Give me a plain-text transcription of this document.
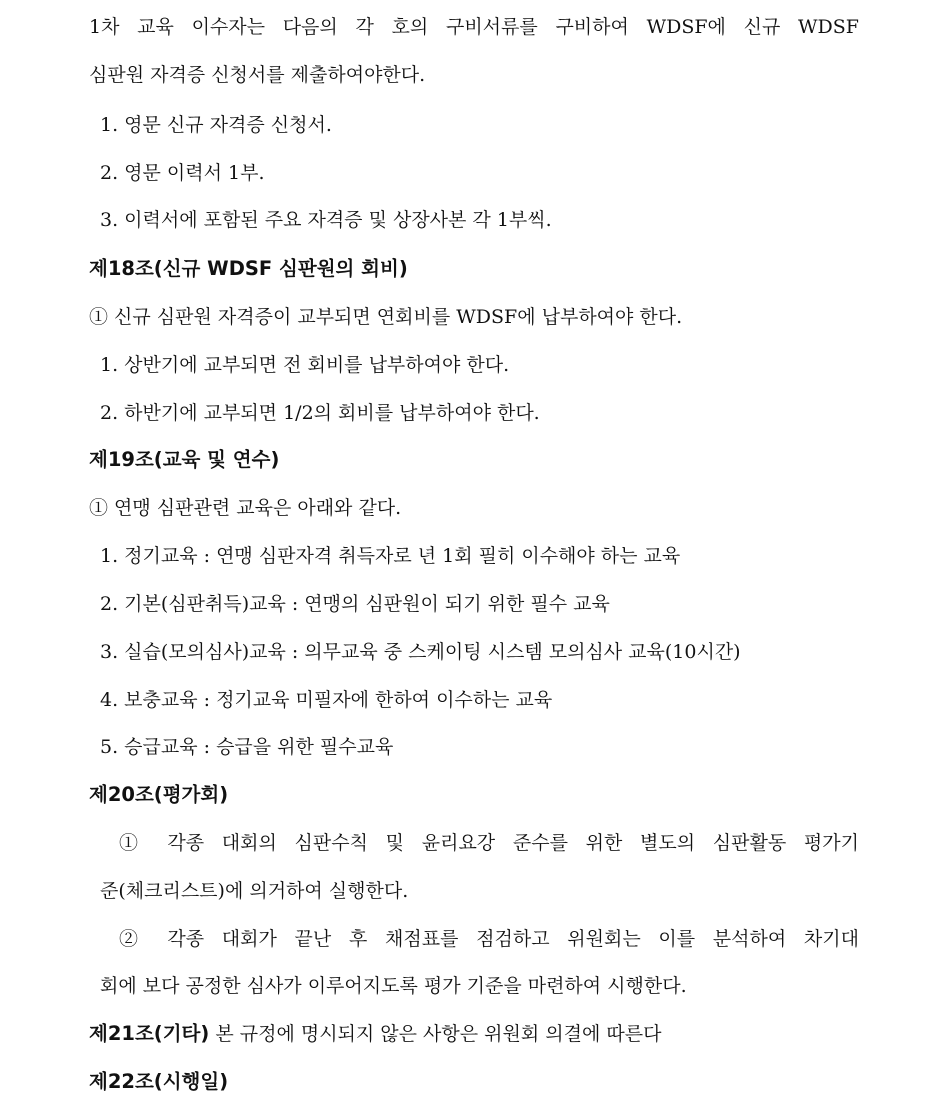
1차 교육 이수자는 다음의 각 호의 구비서류를 구비하여 WDSF에 신규 WDSF
심판원 자격증 신청서를 제출하여야한다.
1. 영문 신규 자격증 신청서.
2. 영문 이력서 1부.
3. 이력서에 포함된 주요 자격증 및 상장사본 각 1부씩.
제18조(신규 WDSF 심판원의 회비)
① 신규 심판원 자격증이 교부되면 연회비를 WDSF에 납부하여야 한다.
1. 상반기에 교부되면 전 회비를 납부하여야 한다.
2. 하반기에 교부되면 1/2의 회비를 납부하여야 한다.
제19조(교육 및 연수)
① 연맹 심판관련 교육은 아래와 같다.
1. 정기교육 : 연맹 심판자격 취득자로 년 1회 필히 이수해야 하는 교육
2. 기본(심판취득)교육 : 연맹의 심판원이 되기 위한 필수 교육
3. 실습(모의심사)교육 : 의무교육 중 스케이팅 시스템 모의심사 교육(10시간)
4. 보충교육 : 정기교육 미필자에 한하여 이수하는 교육
5. 승급교육 : 승급을 위한 필수교육
제20조(평가회)
① 각종 대회의 심판수칙 및 윤리요강 준수를 위한 별도의 심판활동 평가기
준(체크리스트)에 의거하여 실행한다.
② 각종 대회가 끝난 후 채점표를 점검하고 위원회는 이를 분석하여 차기대
회에 보다 공정한 심사가 이루어지도록 평가 기준을 마련하여 시행한다.
제21조(기타) 본 규정에 명시되지 않은 사항은 위원회 의결에 따른다
제22조(시행일)
